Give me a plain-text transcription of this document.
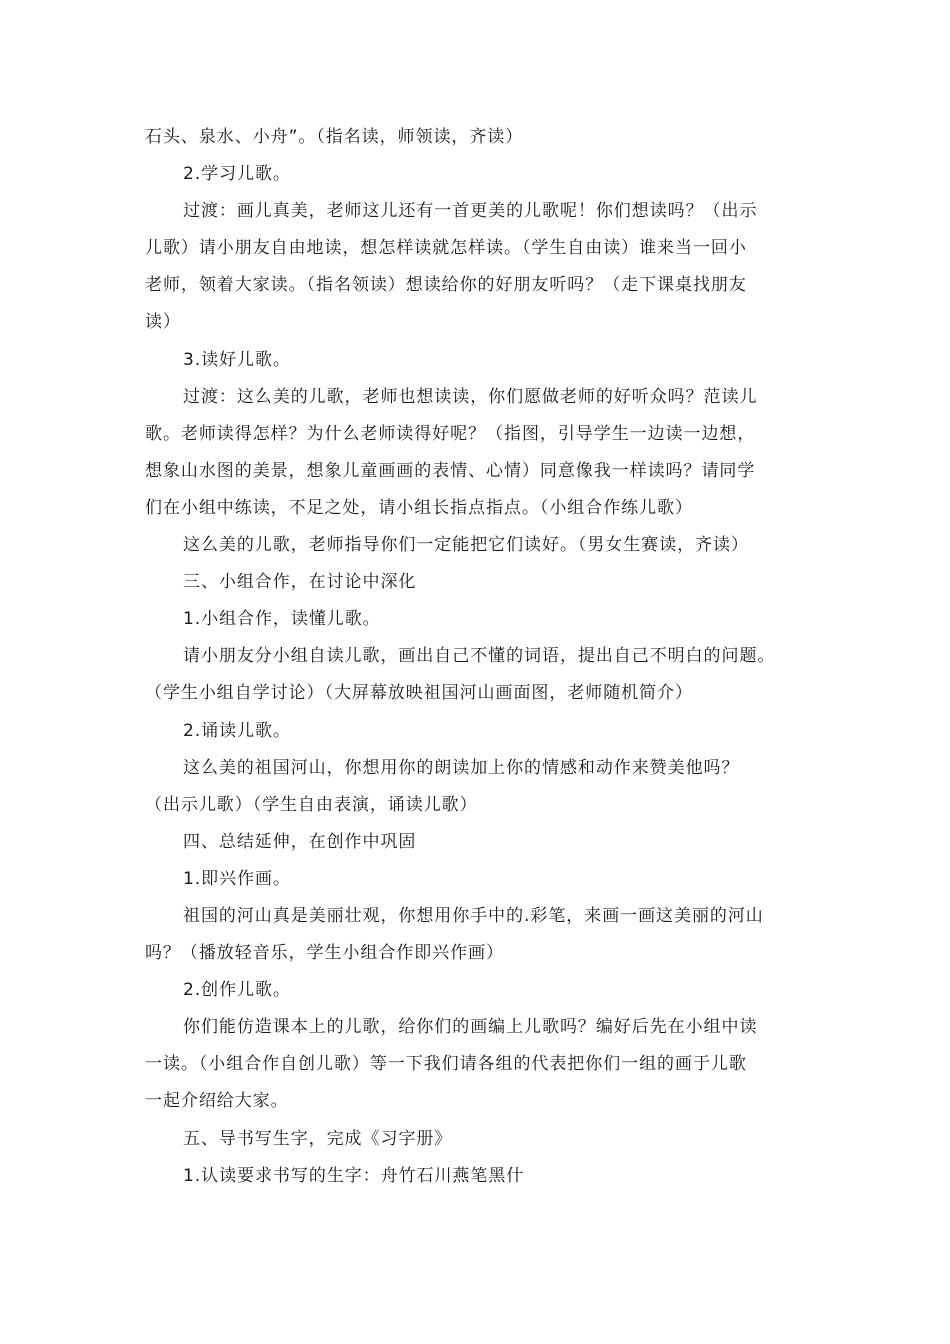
石头、泉水、小舟”。（指名读，师领读，齐读）
2.学习儿歌。
过渡：画儿真美，老师这儿还有一首更美的儿歌呢！你们想读吗？（出示
儿歌）请小朋友自由地读，想怎样读就怎样读。（学生自由读）谁来当一回小
老师，领着大家读。（指名领读）想读给你的好朋友听吗？（走下课桌找朋友
读）
3.读好儿歌。
过渡：这么美的儿歌，老师也想读读，你们愿做老师的好听众吗？范读儿
歌。老师读得怎样？为什么老师读得好呢？（指图，引导学生一边读一边想，
想象山水图的美景，想象儿童画画的表情、心情）同意像我一样读吗？请同学
们在小组中练读，不足之处，请小组长指点指点。（小组合作练儿歌）
这么美的儿歌，老师指导你们一定能把它们读好。（男女生赛读，齐读）
三、小组合作，在讨论中深化
1.小组合作，读懂儿歌。
请小朋友分小组自读儿歌，画出自己不懂的词语，提出自己不明白的问题。
（学生小组自学讨论）（大屏幕放映祖国河山画面图，老师随机简介）
2.诵读儿歌。
这么美的祖国河山，你想用你的朗读加上你的情感和动作来赞美他吗？
（出示儿歌）（学生自由表演，诵读儿歌）
四、总结延伸，在创作中巩固
1.即兴作画。
祖国的河山真是美丽壮观，你想用你手中的.彩笔，来画一画这美丽的河山
吗？（播放轻音乐，学生小组合作即兴作画）
2.创作儿歌。
你们能仿造课本上的儿歌，给你们的画编上儿歌吗？编好后先在小组中读
一读。（小组合作自创儿歌）等一下我们请各组的代表把你们一组的画于儿歌
一起介绍给大家。
五、导书写生字，完成《习字册》
1.认读要求书写的生字：舟竹石川燕笔黑什
